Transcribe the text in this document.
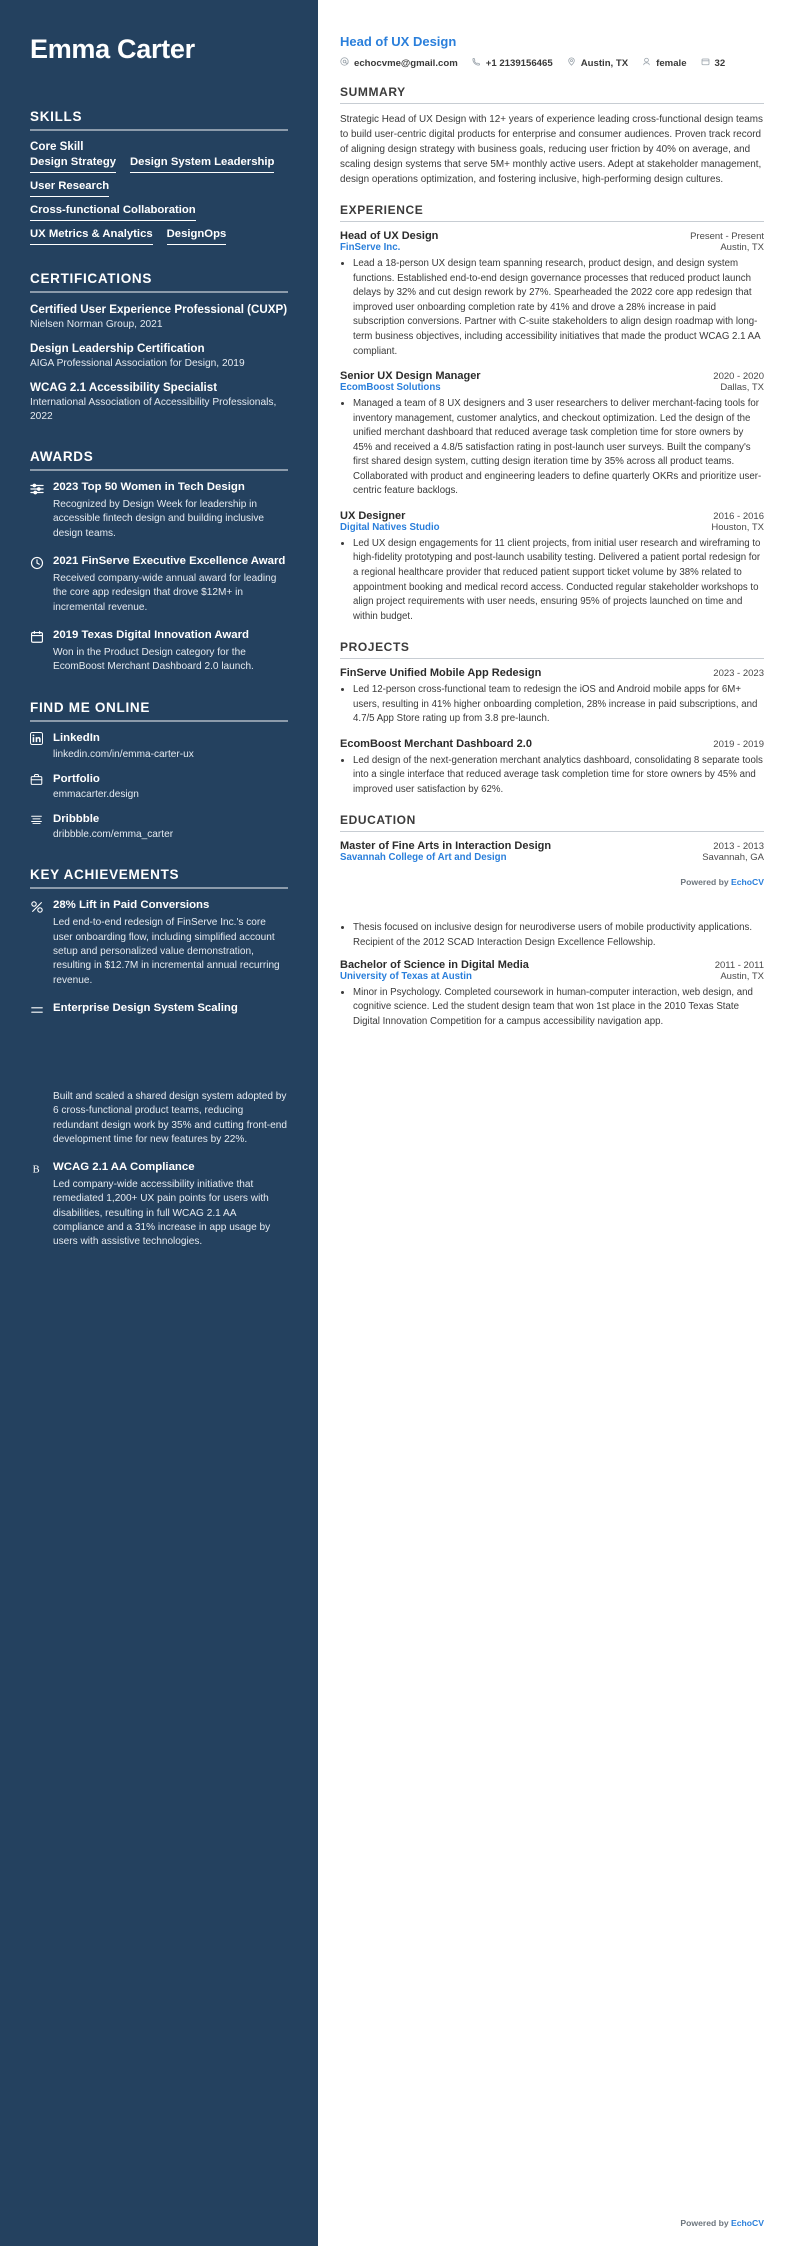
Emma Carter
SKILLS
Core Skill
Design Strategy Design System Leadership
User Research
Cross-functional Collaboration
UX Metrics & Analytics DesignOps
CERTIFICATIONS
Certified User Experience Professional (CUXP)
Nielsen Norman Group, 2021
Design Leadership Certification
AIGA Professional Association for Design, 2019
WCAG 2.1 Accessibility Specialist
International Association of Accessibility Professionals, 2022
AWARDS
2023 Top 50 Women in Tech Design
Recognized by Design Week for leadership in accessible fintech design and building inclusive design teams.
2021 FinServe Executive Excellence Award
Received company-wide annual award for leading the core app redesign that drove $12M+ in incremental revenue.
2019 Texas Digital Innovation Award
Won in the Product Design category for the EcomBoost Merchant Dashboard 2.0 launch.
FIND ME ONLINE
LinkedIn
linkedin.com/in/emma-carter-ux
Portfolio
emmacarter.design
Dribbble
dribbble.com/emma_carter
KEY ACHIEVEMENTS
28% Lift in Paid Conversions
Led end-to-end redesign of FinServe Inc.'s core user onboarding flow, including simplified account setup and personalized value demonstration, resulting in $12.7M in incremental annual recurring revenue.
Enterprise Design System Scaling
Built and scaled a shared design system adopted by 6 cross-functional product teams, reducing redundant design work by 35% and cutting front-end development time for new features by 22%.
B WCAG 2.1 AA Compliance
Led company-wide accessibility initiative that remediated 1,200+ UX pain points for users with disabilities, resulting in full WCAG 2.1 AA compliance and a 31% increase in app usage by users with assistive technologies.
Head of UX Design
echocvme@gmail.com	+1 2139156465	Austin, TX	female	32
SUMMARY

Strategic Head of UX Design with 12+ years of experience leading cross-functional design teams to build user-centric digital products for enterprise and consumer audiences. Proven track record of aligning design strategy with business goals, reducing user friction by 40% on average, and scaling design systems that serve 5M+ monthly active users. Adept at stakeholder management, design operations optimization, and fostering inclusive, high-performing design cultures.

EXPERIENCE
Head of UX Design	Present - Present
FinServe Inc.	Austin, TX
• Lead a 18-person UX design team spanning research, product design, and design system functions. Established end-to-end design governance processes that reduced product launch delays by 32% and cut design rework by 27%. Spearheaded the 2022 core app redesign that improved user onboarding completion rate by 41% and drove a 28% increase in paid subscription conversions. Partner with C-suite stakeholders to align design roadmap with long-term business objectives, including accessibility initiatives that made the product WCAG 2.1 AA compliant.
Senior UX Design Manager	2020 - 2020
EcomBoost Solutions	Dallas, TX
• Managed a team of 8 UX designers and 3 user researchers to deliver merchant-facing tools for inventory management, customer analytics, and checkout optimization. Led the design of the unified merchant dashboard that reduced average task completion time for store owners by 45% and received a 4.8/5 satisfaction rating in post-launch user surveys. Built the company's first shared design system, cutting design iteration time by 35% across all product teams. Collaborated with product and engineering leaders to define quarterly OKRs and prioritize user-centric feature backlogs.
UX Designer	2016 - 2016
Digital Natives Studio	Houston, TX
• Led UX design engagements for 11 client projects, from initial user research and wireframing to high-fidelity prototyping and post-launch usability testing. Delivered a patient portal redesign for a regional healthcare provider that reduced patient support ticket volume by 38% related to appointment booking and medical record access. Conducted regular stakeholder workshops to align project requirements with user needs, ensuring 95% of projects launched on time and within budget.
PROJECTS
FinServe Unified Mobile App Redesign	2023 - 2023
• Led 12-person cross-functional team to redesign the iOS and Android mobile apps for 6M+ users, resulting in 41% higher onboarding completion, 28% increase in paid subscriptions, and 4.7/5 App Store rating up from 3.8 pre-launch.
EcomBoost Merchant Dashboard 2.0	2019 - 2019
• Led design of the next-generation merchant analytics dashboard, consolidating 8 separate tools into a single interface that reduced average task completion time for store owners by 45% and improved user satisfaction by 62%.
EDUCATION
Master of Fine Arts in Interaction Design	2013 - 2013
Savannah College of Art and Design	Savannah, GA
Powered by EchoCV
• Thesis focused on inclusive design for neurodiverse users of mobile productivity applications. Recipient of the 2012 SCAD Interaction Design Excellence Fellowship.
Bachelor of Science in Digital Media	2011 - 2011
University of Texas at Austin	Austin, TX
• Minor in Psychology. Completed coursework in human-computer interaction, web design, and cognitive science. Led the student design team that won 1st place in the 2010 Texas State Digital Innovation Competition for a campus accessibility navigation app.
Powered by EchoCV
